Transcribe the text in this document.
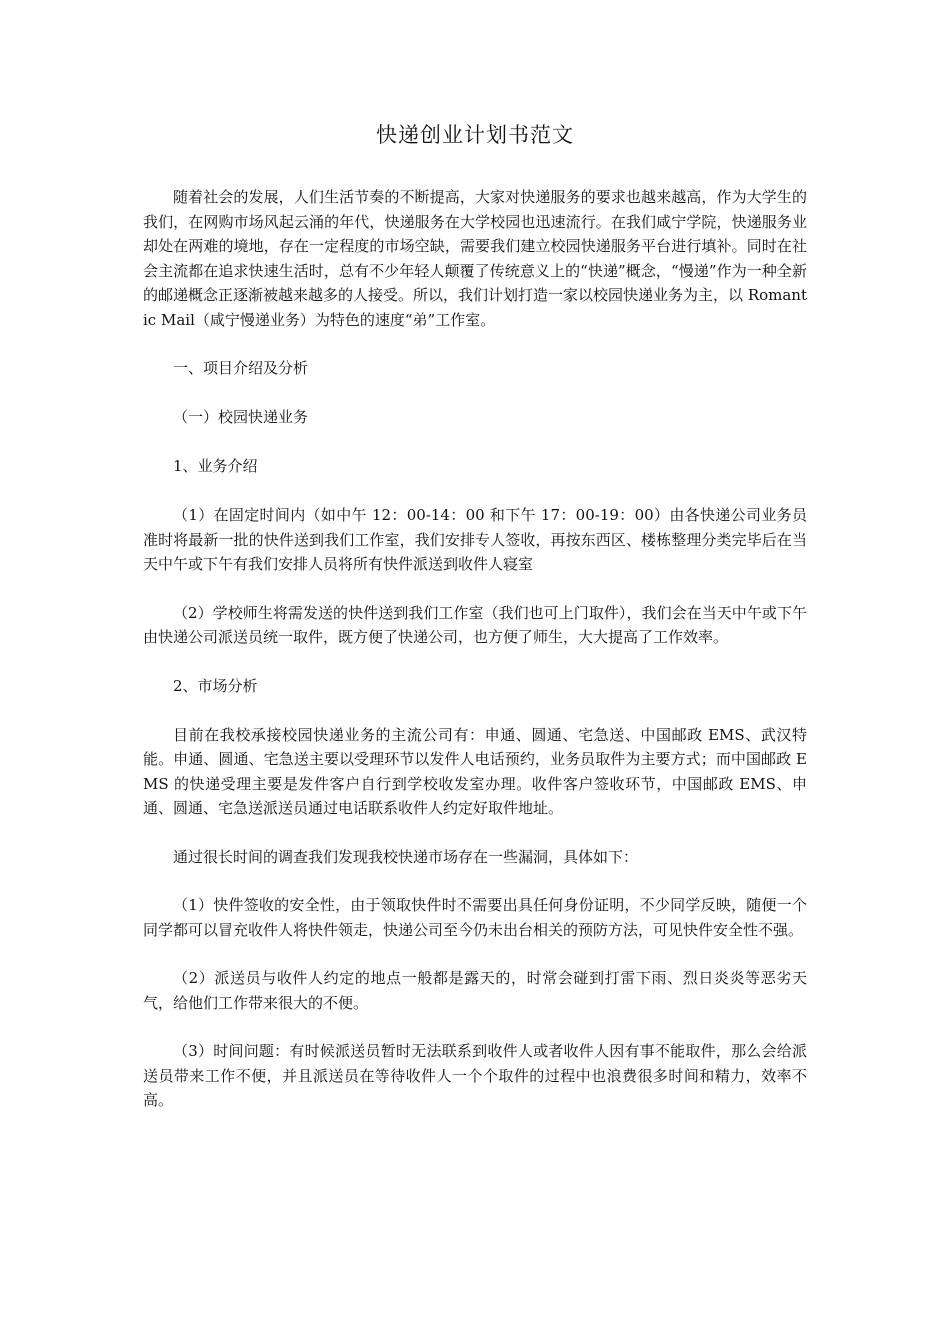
快递创业计划书范文

随着社会的发展，人们生活节奏的不断提高，大家对快递服务的要求也越来越高，作为大学生的我们，在网购市场风起云涌的年代，快递服务在大学校园也迅速流行。在我们咸宁学院，快递服务业却处在两难的境地，存在一定程度的市场空缺，需要我们建立校园快递服务平台进行填补。同时在社会主流都在追求快速生活时，总有不少年轻人颠覆了传统意义上的“快递”概念，“慢递”作为一种全新的邮递概念正逐渐被越来越多的人接受。所以，我们计划打造一家以校园快递业务为主，以 Romantic Mail（咸宁慢递业务）为特色的速度“弟”工作室。

一、项目介绍及分析

（一）校园快递业务

1、业务介绍

（1）在固定时间内（如中午 12：00-14：00 和下午 17：00-19：00）由各快递公司业务员准时将最新一批的快件送到我们工作室，我们安排专人签收，再按东西区、楼栋整理分类完毕后在当天中午或下午有我们安排人员将所有快件派送到收件人寝室

（2）学校师生将需发送的快件送到我们工作室（我们也可上门取件），我们会在当天中午或下午由快递公司派送员统一取件，既方便了快递公司，也方便了师生，大大提高了工作效率。

2、市场分析

目前在我校承接校园快递业务的主流公司有：申通、圆通、宅急送、中国邮政 EMS、武汉特能。申通、圆通、宅急送主要以受理环节以发件人电话预约，业务员取件为主要方式；而中国邮政 EMS 的快递受理主要是发件客户自行到学校收发室办理。收件客户签收环节，中国邮政 EMS、申通、圆通、宅急送派送员通过电话联系收件人约定好取件地址。

通过很长时间的调查我们发现我校快递市场存在一些漏洞，具体如下：

（1）快件签收的安全性，由于领取快件时不需要出具任何身份证明，不少同学反映，随便一个同学都可以冒充收件人将快件领走，快递公司至今仍未出台相关的预防方法，可见快件安全性不强。

（2）派送员与收件人约定的地点一般都是露天的，时常会碰到打雷下雨、烈日炎炎等恶劣天气，给他们工作带来很大的不便。

（3）时间问题：有时候派送员暂时无法联系到收件人或者收件人因有事不能取件，那么会给派送员带来工作不便，并且派送员在等待收件人一个个取件的过程中也浪费很多时间和精力，效率不高。
